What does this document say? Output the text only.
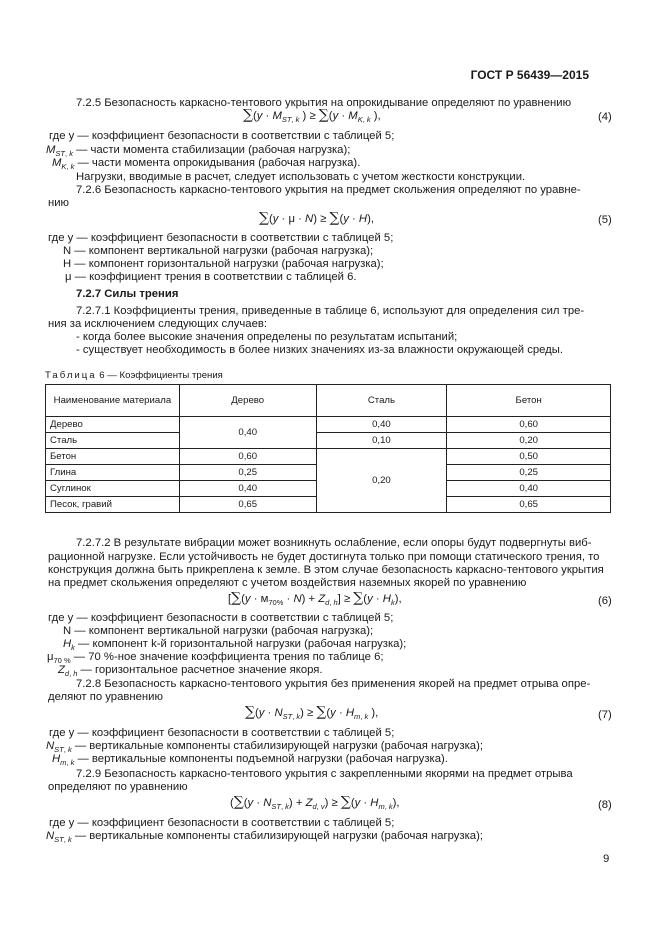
ГОСТ Р 56439—2015
7.2.5 Безопасность каркасно-тентового укрытия на опрокидывание определяют по уравнению
$\sum(y \cdot M_{ST, k}$ ) ≥ $\sum(y \cdot M_{K, k}$ ),	(4)
где y — коэффициент безопасности в соответствии с таблицей 5;
$M_{ST, k}$ — части момента стабилизации (рабочая нагрузка);
$M_{K, k}$ — части момента опрокидывания (рабочая нагрузка).
Нагрузки, вводимые в расчет, следует использовать с учетом жесткости конструкции.
7.2.6 Безопасность каркасно-тентового укрытия на предмет скольжения определяют по уравне-
нию
∑(y · μ · N) ≥ ∑(y · H),	(5)
где y — коэффициент безопасности в соответствии с таблицей 5;
N — компонент вертикальной нагрузки (рабочая нагрузка);
H — компонент горизонтальной нагрузки (рабочая нагрузка);
μ — коэффициент трения в соответствии с таблицей 6.
7.2.7 Силы трения
7.2.7.1 Коэффициенты трения, приведенные в таблице 6, используют для определения сил тре-
ния за исключением следующих случаев:
- когда более высокие значения определены по результатам испытаний;
- существует необходимость в более низких значениях из-за влажности окружающей среды.
Таблица 6 — Коэффициенты трения
Наименование материала	Дерево	Сталь	Бетон
Дерево	0,40	0,40	0,60
Сталь		0,10	0,20
Бетон	0,60	0,20	0,50
Глина	0,25		0,25
Суглинок	0,40		0,40
Песок, гравий	0,65		0,65
7.2.7.2 В результате вибрации может возникнуть ослабление, если опоры будут подвергнуты виб-
рационной нагрузке. Если устойчивость не будет достигнута только при помощи статического трения, то
конструкция должна быть прикреплена к земле. В этом случае безопасность каркасно-тентового укрытия
на предмет скольжения определяют с учетом воздействия наземных якорей по уравнению
$[\sum(y \cdot м_{70\%} \cdot N) + Z_{d, h}] \ge \sum(y \cdot H_k)$,	(6)
где y — коэффициент безопасности в соответствии с таблицей 5;
N — компонент вертикальной нагрузки (рабочая нагрузка);
$H_k$ — компонент k-й горизонтальной нагрузки (рабочая нагрузка);
$\mu_{70 \%}$ — 70 %-ное значение коэффициента трения по таблице 6;
$Z_{d, h}$ — горизонтальное расчетное значение якоря.
7.2.8 Безопасность каркасно-тентового укрытия без применения якорей на предмет отрыва опре-
деляют по уравнению
$\sum(y \cdot N_{ST, k}) \ge \sum(y \cdot H_{m, k}$ ),	(7)
где y — коэффициент безопасности в соответствии с таблицей 5;
$N_{ST, k}$ — вертикальные компоненты стабилизирующей нагрузки (рабочая нагрузка);
$H_{m, k}$ — вертикальные компоненты подъемной нагрузки (рабочая нагрузка).
7.2.9 Безопасность каркасно-тентового укрытия с закрепленными якорями на предмет отрыва
определяют по уравнению
$(\sum(y \cdot N_{ST, k}) + Z_{d, v}) \ge \sum(y \cdot H_{m, k})$,	(8)
где y — коэффициент безопасности в соответствии с таблицей 5;
$N_{ST, k}$ — вертикальные компоненты стабилизирующей нагрузки (рабочая нагрузка);
9
